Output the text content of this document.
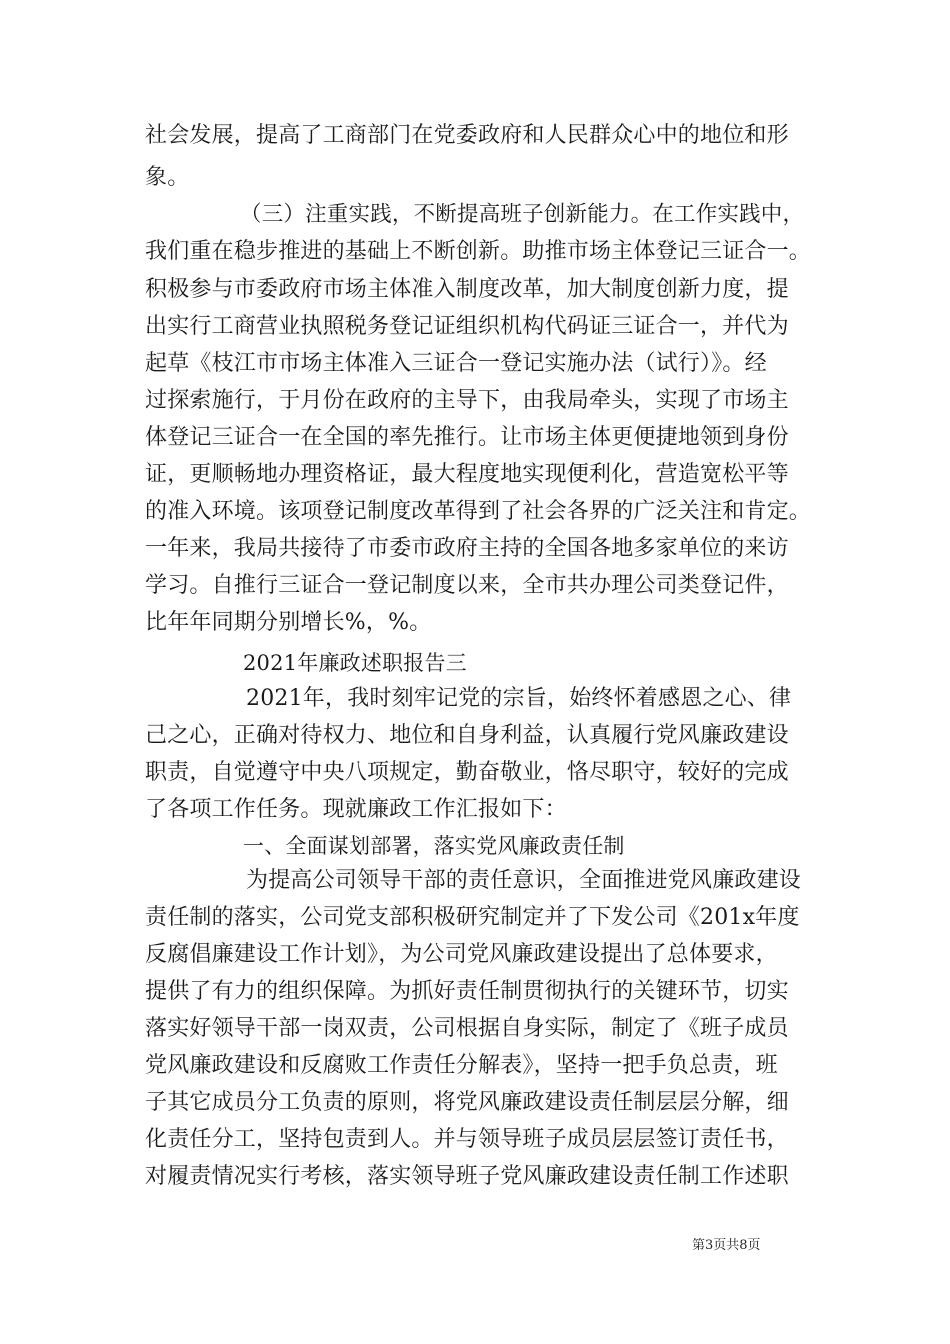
社会发展，提高了工商部门在党委政府和人民群众心中的地位和形
象。
（三）注重实践，不断提高班子创新能力。在工作实践中，
我们重在稳步推进的基础上不断创新。助推市场主体登记三证合一。
积极参与市委政府市场主体准入制度改革，加大制度创新力度，提
出实行工商营业执照税务登记证组织机构代码证三证合一，并代为
起草《枝江市市场主体准入三证合一登记实施办法（试行）》。经
过探索施行，于月份在政府的主导下，由我局牵头，实现了市场主
体登记三证合一在全国的率先推行。让市场主体更便捷地领到身份
证，更顺畅地办理资格证，最大程度地实现便利化，营造宽松平等
的准入环境。该项登记制度改革得到了社会各界的广泛关注和肯定。
一年来，我局共接待了市委市政府主持的全国各地多家单位的来访
学习。自推行三证合一登记制度以来，全市共办理公司类登记件，
比年年同期分别增长%，%。
2021年廉政述职报告三
2021年，我时刻牢记党的宗旨，始终怀着感恩之心、律
己之心，正确对待权力、地位和自身利益，认真履行党风廉政建设
职责，自觉遵守中央八项规定，勤奋敬业，恪尽职守，较好的完成
了各项工作任务。现就廉政工作汇报如下：
一、全面谋划部署，落实党风廉政责任制
为提高公司领导干部的责任意识，全面推进党风廉政建设
责任制的落实，公司党支部积极研究制定并了下发公司《201x年度
反腐倡廉建设工作计划》，为公司党风廉政建设提出了总体要求，
提供了有力的组织保障。为抓好责任制贯彻执行的关键环节，切实
落实好领导干部一岗双责，公司根据自身实际，制定了《班子成员
党风廉政建设和反腐败工作责任分解表》，坚持一把手负总责，班
子其它成员分工负责的原则，将党风廉政建设责任制层层分解，细
化责任分工，坚持包责到人。并与领导班子成员层层签订责任书，
对履责情况实行考核，落实领导班子党风廉政建设责任制工作述职
第3页共8页
